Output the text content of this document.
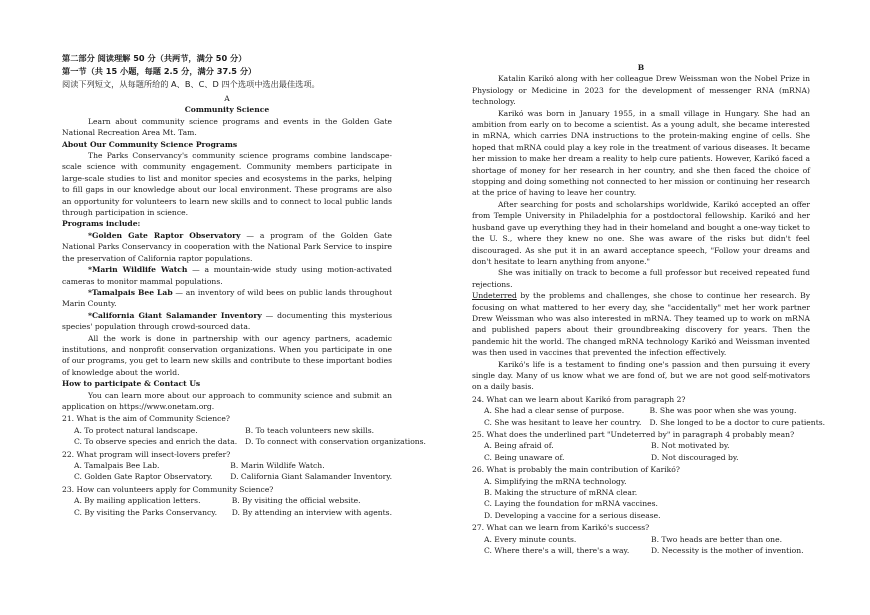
第二部分 阅读理解 50 分（共两节，满分 50 分）

第一节（共 15 小题，每题 2.5 分，满分 37.5 分）

阅读下列短文，从每题所给的 A、B、C、D 四个选项中选出最佳选项。

A

Community Science

Learn about community science programs and events in the Golden Gate National Recreation Area Mt. Tam.

About Our Community Science Programs

The Parks Conservancy's community science programs combine landscape-scale science with community engagement. Community members participate in large-scale studies to list and monitor species and ecosystems in the parks, helping to fill gaps in our knowledge about our local environment. These programs are also an opportunity for volunteers to learn new skills and to connect to local public lands through participation in science.

Programs include:

*Golden Gate Raptor Observatory — a program of the Golden Gate National Parks Conservancy in cooperation with the National Park Service to inspire the preservation of California raptor populations.

*Marin Wildlife Watch — a mountain-wide study using motion-activated cameras to monitor mammal populations.

*Tamalpais Bee Lab — an inventory of wild bees on public lands throughout Marin County.

*California Giant Salamander Inventory — documenting this mysterious species' population through crowd-sourced data.

All the work is done in partnership with our agency partners, academic institutions, and nonprofit conservation organizations. When you participate in one of our programs, you get to learn new skills and contribute to these important bodies of knowledge about the world.

How to participate & Contact Us

You can learn more about our approach to community science and submit an application on https://www.onetam.org.

21. What is the aim of Community Science?

A. To protect natural landscape.	B. To teach volunteers new skills.
C. To observe species and enrich the data. D. To connect with conservation organizations.

22. What program will insect-lovers prefer?

A. Tamalpais Bee Lab.	B. Marin Wildlife Watch.
C. Golden Gate Raptor Observatory.	D. California Giant Salamander Inventory.

23. How can volunteers apply for Community Science?

A. By mailing application letters.	B. By visiting the official website.
C. By visiting the Parks Conservancy.	D. By attending an interview with agents.

B

Katalin Karikó along with her colleague Drew Weissman won the Nobel Prize in Physiology or Medicine in 2023 for the development of messenger RNA (mRNA) technology.

Karikó was born in January 1955, in a small village in Hungary. She had an ambition from early on to become a scientist. As a young adult, she became interested in mRNA, which carries DNA instructions to the protein-making engine of cells. She hoped that mRNA could play a key role in the treatment of various diseases. It became her mission to make her dream a reality to help cure patients. However, Karikó faced a shortage of money for her research in her country, and she then faced the choice of stopping and doing something not connected to her mission or continuing her research at the price of having to leave her country.

After searching for posts and scholarships worldwide, Karikó accepted an offer from Temple University in Philadelphia for a postdoctoral fellowship. Karikó and her husband gave up everything they had in their homeland and bought a one-way ticket to the U. S., where they knew no one. She was aware of the risks but didn't feel discouraged. As she put it in an award acceptance speech, "Follow your dreams and don't hesitate to learn anything from anyone."

She was initially on track to become a full professor but received repeated fund rejections.

Undeterred by the problems and challenges, she chose to continue her research. By focusing on what mattered to her every day, she "accidentally" met her work partner Drew Weissman who was also interested in mRNA. They teamed up to work on mRNA and published papers about their groundbreaking discovery for years. Then the pandemic hit the world. The changed mRNA technology Karikó and Weissman invented was then used in vaccines that prevented the infection effectively.

Karikó's life is a testament to finding one's passion and then pursuing it every single day. Many of us know what we are fond of, but we are not good self-motivators on a daily basis.

24. What can we learn about Karikó from paragraph 2?

A. She had a clear sense of purpose.	B. She was poor when she was young.
C. She was hesitant to leave her country. D. She longed to be a doctor to cure patients.

25. What does the underlined part "Undeterred by" in paragraph 4 probably mean?

A. Being afraid of.	B. Not motivated by.
C. Being unaware of.	D. Not discouraged by.

26. What is probably the main contribution of Karikó?

A. Simplifying the mRNA technology.
B. Making the structure of mRNA clear.
C. Laying the foundation for mRNA vaccines.
D. Developing a vaccine for a serious disease.

27. What can we learn from Karikó's success?

A. Every minute counts.	B. Two heads are better than one.
C. Where there's a will, there's a way.	D. Necessity is the mother of invention.
